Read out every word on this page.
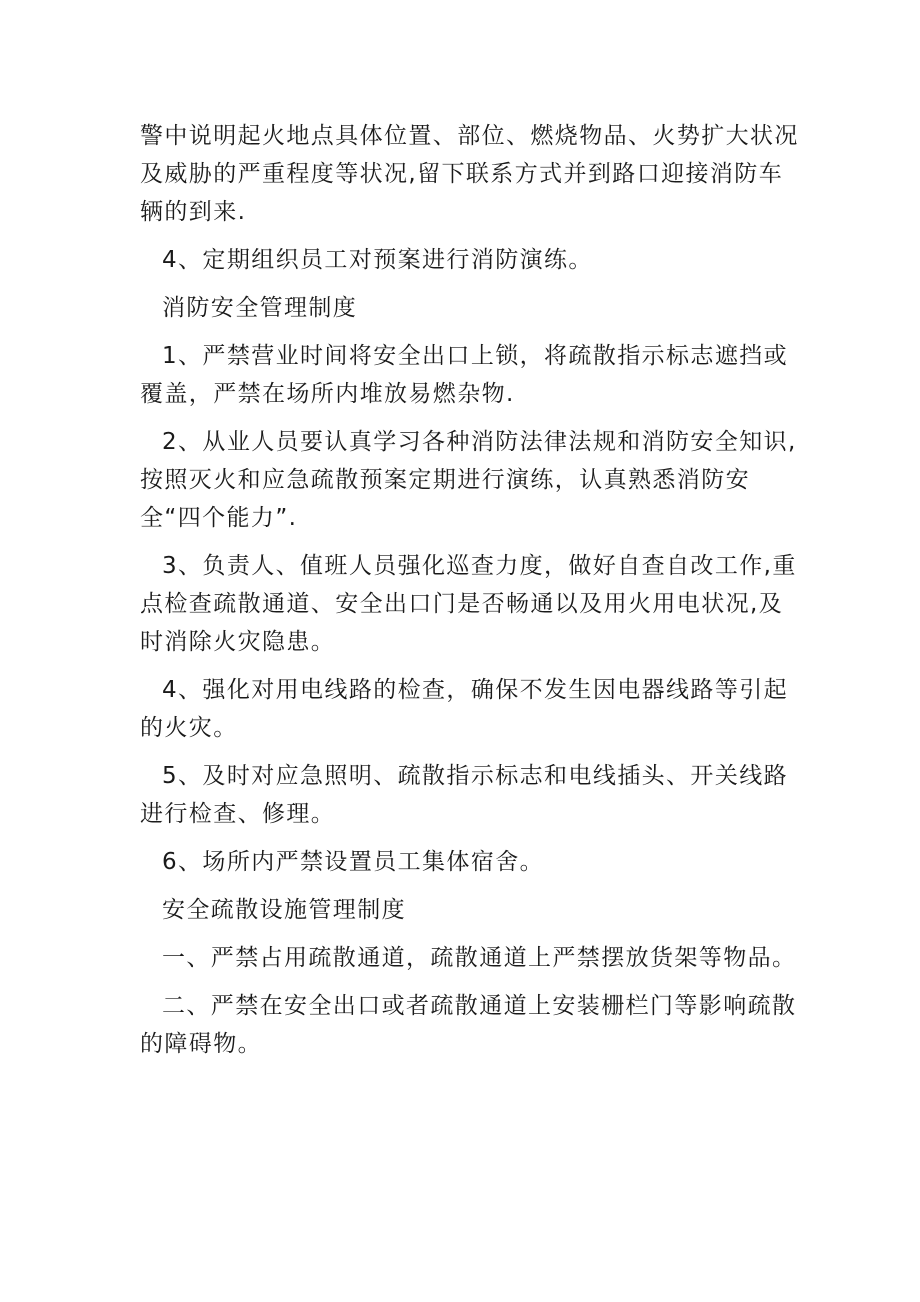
警中说明起火地点具体位置、部位、燃烧物品、火势扩大状况及威胁的严重程度等状况,留下联系方式并到路口迎接消防车辆的到来.

4、定期组织员工对预案进行消防演练。

消防安全管理制度

1、严禁营业时间将安全出口上锁，将疏散指示标志遮挡或覆盖，严禁在场所内堆放易燃杂物.

2、从业人员要认真学习各种消防法律法规和消防安全知识,按照灭火和应急疏散预案定期进行演练，认真熟悉消防安全“四个能力”.

3、负责人、值班人员强化巡查力度，做好自查自改工作,重点检查疏散通道、安全出口门是否畅通以及用火用电状况,及时消除火灾隐患。

4、强化对用电线路的检查，确保不发生因电器线路等引起的火灾。

5、及时对应急照明、疏散指示标志和电线插头、开关线路进行检查、修理。

6、场所内严禁设置员工集体宿舍。

安全疏散设施管理制度

一、严禁占用疏散通道，疏散通道上严禁摆放货架等物品。

二、严禁在安全出口或者疏散通道上安装栅栏门等影响疏散的障碍物。
